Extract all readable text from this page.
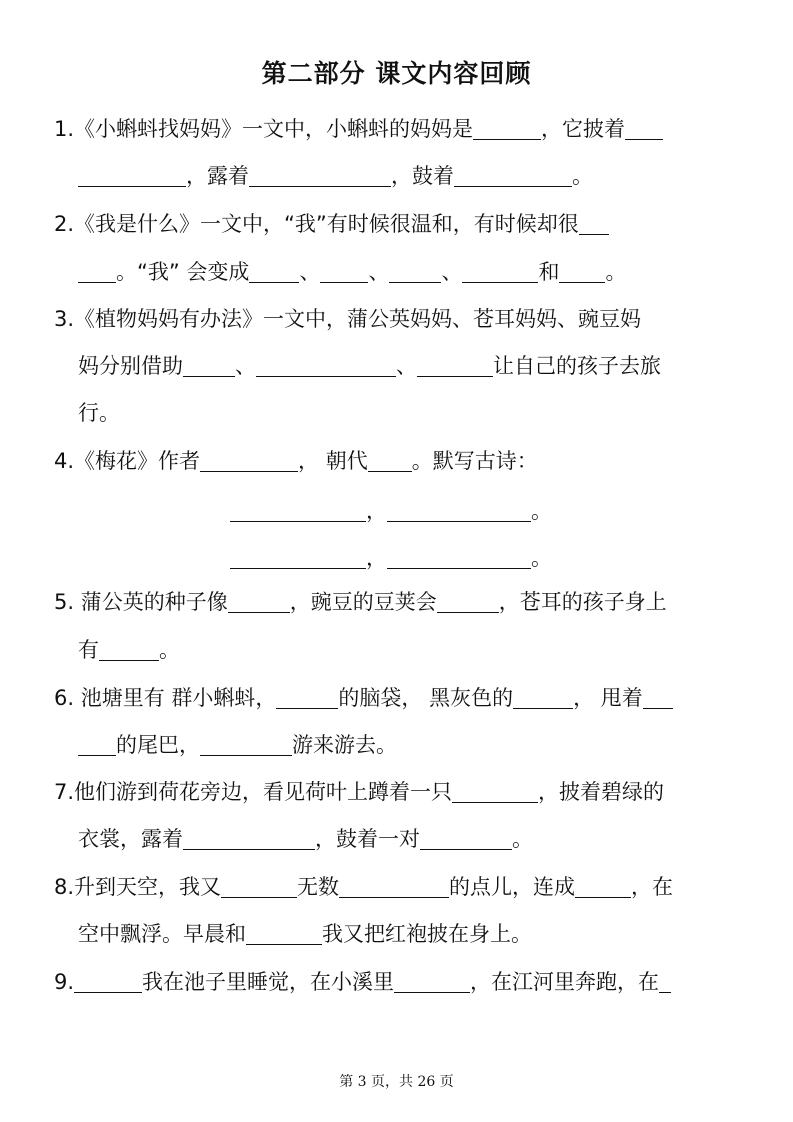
第二部分 课文内容回顾
1.《小蝌蚪找妈妈》一文中，小蝌蚪的妈妈是	，它披着
，露着	，鼓着	。
2.《我是什么》一文中，“我”有时候很温和，有时候却很
。“我” 会变成 、 、 、	和 。
3.《植物妈妈有办法》一文中，蒲公英妈妈、苍耳妈妈、豌豆妈
妈分别借助 、	、	让自己的孩子去旅
行。
4.《梅花》作者	， 朝代 。默写古诗：
，	。
，	。
5. 蒲公英的种子像	，豌豆的豆荚会	，苍耳的孩子身上
有	。
6. 池塘里有 群小蝌蚪，	的脑袋， 黑灰色的	， 甩着
的尾巴，	游来游去。
7.他们游到荷花旁边，看见荷叶上蹲着一只	，披着碧绿的
衣裳，露着	，鼓着一对	。
8.升到天空，我又	无数	的点儿，连成	，在
空中飘浮。早晨和	我又把红袍披在身上。
9.	我在池子里睡觉，在小溪里	，在江河里奔跑，在
第 3 页，共 26 页
